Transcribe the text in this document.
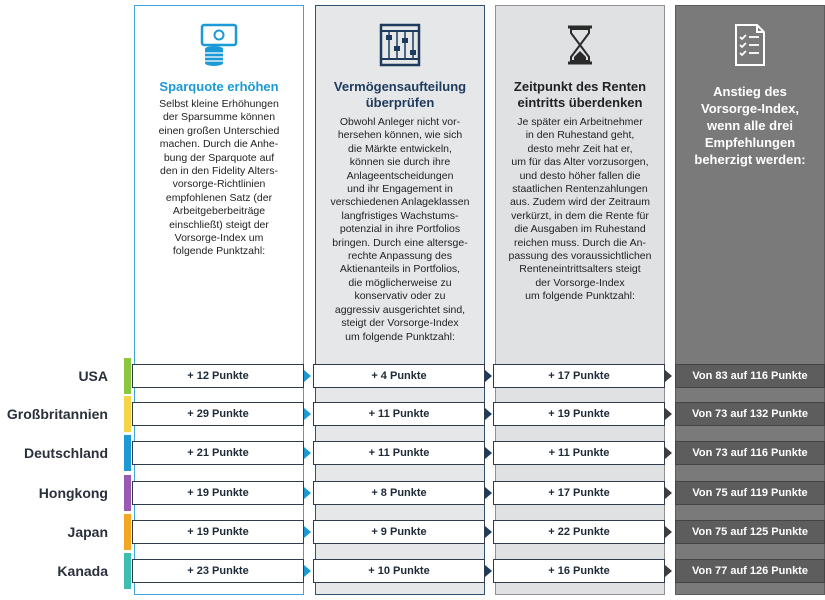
Sparquote erhöhen
Selbst kleine Erhöhungen
der Sparsumme können
einen großen Unterschied
machen. Durch die Anhe-
bung der Sparquote auf
den in den Fidelity Alters-
vorsorge-Richtlinien
empfohlenen Satz (der
Arbeitgeberbeiträge
einschließt) steigt der
Vorsorge-Index um
folgende Punktzahl:
Vermögensaufteilung
überprüfen
Obwohl Anleger nicht vor-
hersehen können, wie sich
die Märkte entwickeln,
können sie durch ihre
Anlageentscheidungen
und ihr Engagement in
verschiedenen Anlageklassen
langfristiges Wachstums-
potenzial in ihre Portfolios
bringen. Durch eine altersge-
rechte Anpassung des
Aktienanteils in Portfolios,
die möglicherweise zu
konservativ oder zu
aggressiv ausgerichtet sind,
steigt der Vorsorge-Index
um folgende Punktzahl:
Zeitpunkt des Renten
eintritts überdenken
Je später ein Arbeitnehmer
in den Ruhestand geht,
desto mehr Zeit hat er,
um für das Alter vorzusorgen,
und desto höher fallen die
staatlichen Rentenzahlungen
aus. Zudem wird der Zeitraum
verkürzt, in dem die Rente für
die Ausgaben im Ruhestand
reichen muss. Durch die An-
passung des voraussichtlichen
Renteneintrittsalters steigt
der Vorsorge-Index
um folgende Punktzahl:
Anstieg des
Vorsorge-Index,
wenn alle drei
Empfehlungen
beherzigt werden:
USA	+ 12 Punkte	+ 4 Punkte	+ 17 Punkte	Von 83 auf 116 Punkte
Großbritannien	+ 29 Punkte	+ 11 Punkte	+ 19 Punkte	Von 73 auf 132 Punkte
Deutschland	+ 21 Punkte	+ 11 Punkte	+ 11 Punkte	Von 73 auf 116 Punkte
Hongkong	+ 19 Punkte	+ 8 Punkte	+ 17 Punkte	Von 75 auf 119 Punkte
Japan	+ 19 Punkte	+ 9 Punkte	+ 22 Punkte	Von 75 auf 125 Punkte
Kanada	+ 23 Punkte	+ 10 Punkte	+ 16 Punkte	Von 77 auf 126 Punkte
